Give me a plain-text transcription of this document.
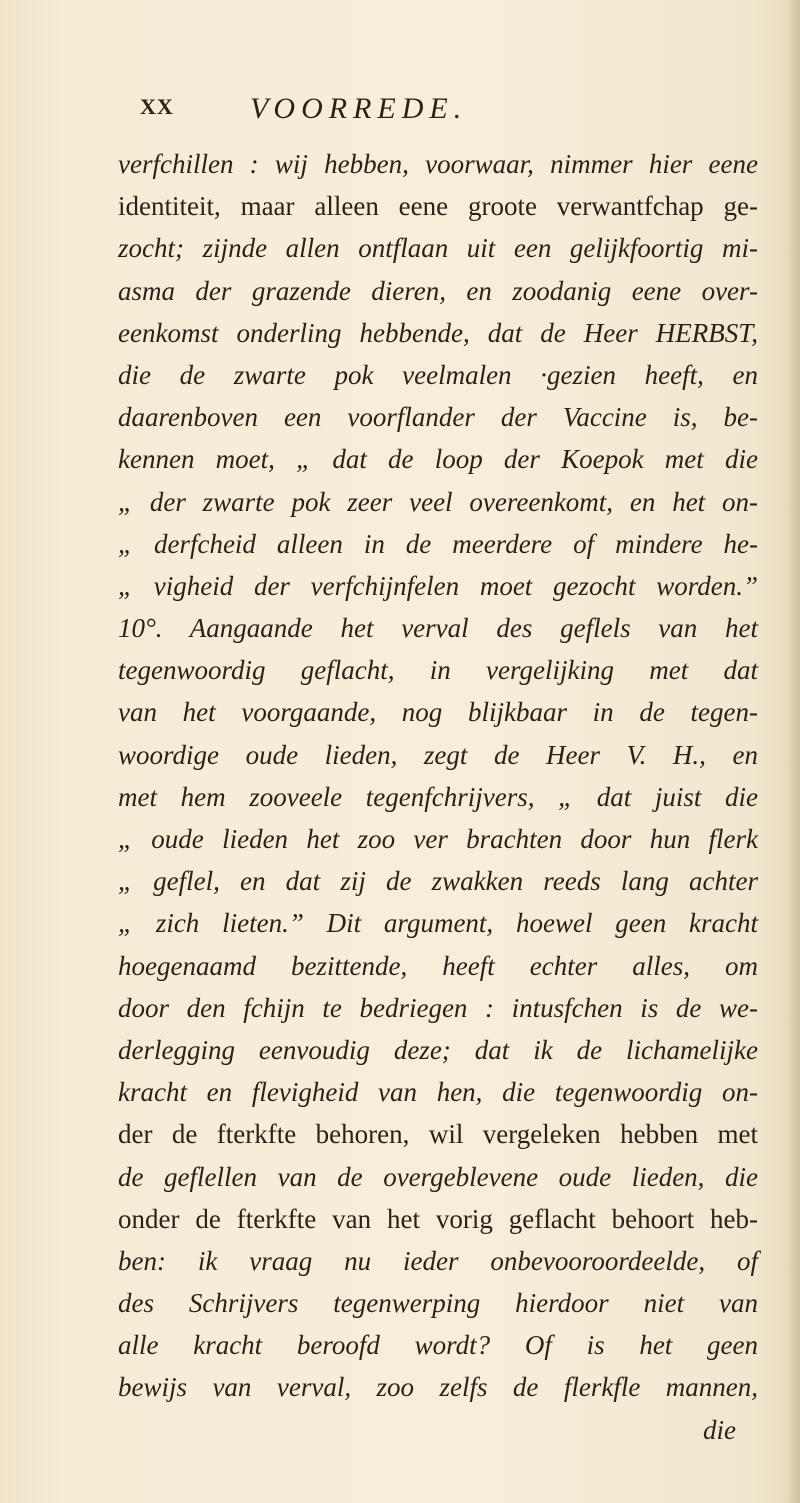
XX	VOORREDE.
verfchillen : wij hebben, voorwaar, nimmer hier eene
identiteit, maar alleen eene groote verwantfchap ge-
zocht; zijnde allen ontflaan uit een gelijkfoortig mi-
asma der grazende dieren, en zoodanig eene over-
eenkomst onderling hebbende, dat de Heer HERBST,
die de zwarte pok veelmalen ·gezien heeft, en
daarenboven een voorflander der Vaccine is, be-
kennen moet, „ dat de loop der Koepok met die
„ der zwarte pok zeer veel overeenkomt, en het on-
„ derfcheid alleen in de meerdere of mindere he-
„ vigheid der verfchijnfelen moet gezocht worden.”
10°. Aangaande het verval des geflels van het
tegenwoordig geflacht, in vergelijking met dat
van het voorgaande, nog blijkbaar in de tegen-
woordige oude lieden, zegt de Heer V. H., en
met hem zooveele tegenfchrijvers, „ dat juist die
„ oude lieden het zoo ver brachten door hun flerk
„ geflel, en dat zij de zwakken reeds lang achter
„ zich lieten.” Dit argument, hoewel geen kracht
hoegenaamd bezittende, heeft echter alles, om
door den fchijn te bedriegen : intusfchen is de we-
derlegging eenvoudig deze; dat ik de lichamelijke
kracht en flevigheid van hen, die tegenwoordig on-
der de fterkfte behoren, wil vergeleken hebben met
de geflellen van de overgeblevene oude lieden, die
onder de fterkfte van het vorig geflacht behoort heb-
ben: ik vraag nu ieder onbevooroordeelde, of
des Schrijvers tegenwerping hierdoor niet van
alle kracht beroofd wordt? Of is het geen
bewijs van verval, zoo zelfs de flerkfle mannen,
die
